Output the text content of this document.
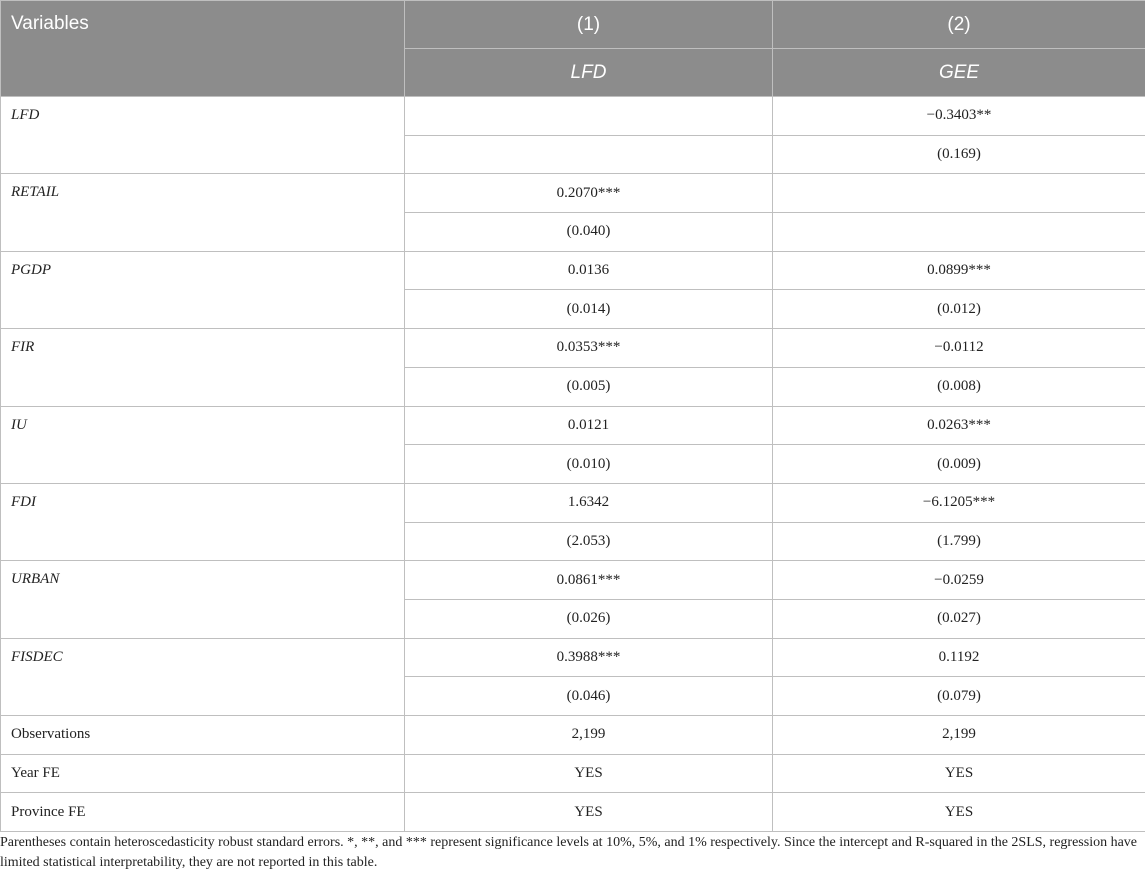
Variables	(1)	(2)
	LFD	GEE
LFD		−0.3403**
		(0.169)
RETAIL	0.2070***	
	(0.040)	
PGDP	0.0136	0.0899***
	(0.014)	(0.012)
FIR	0.0353***	−0.0112
	(0.005)	(0.008)
IU	0.0121	0.0263***
	(0.010)	(0.009)
FDI	1.6342	−6.1205***
	(2.053)	(1.799)
URBAN	0.0861***	−0.0259
	(0.026)	(0.027)
FISDEC	0.3988***	0.1192
	(0.046)	(0.079)
Observations	2,199	2,199
Year FE	YES	YES
Province FE	YES	YES
Parentheses contain heteroscedasticity robust standard errors. *, **, and *** represent significance levels at 10%, 5%, and 1% respectively. Since the intercept and R-squared in the 2SLS, regression have limited statistical interpretability, they are not reported in this table.
